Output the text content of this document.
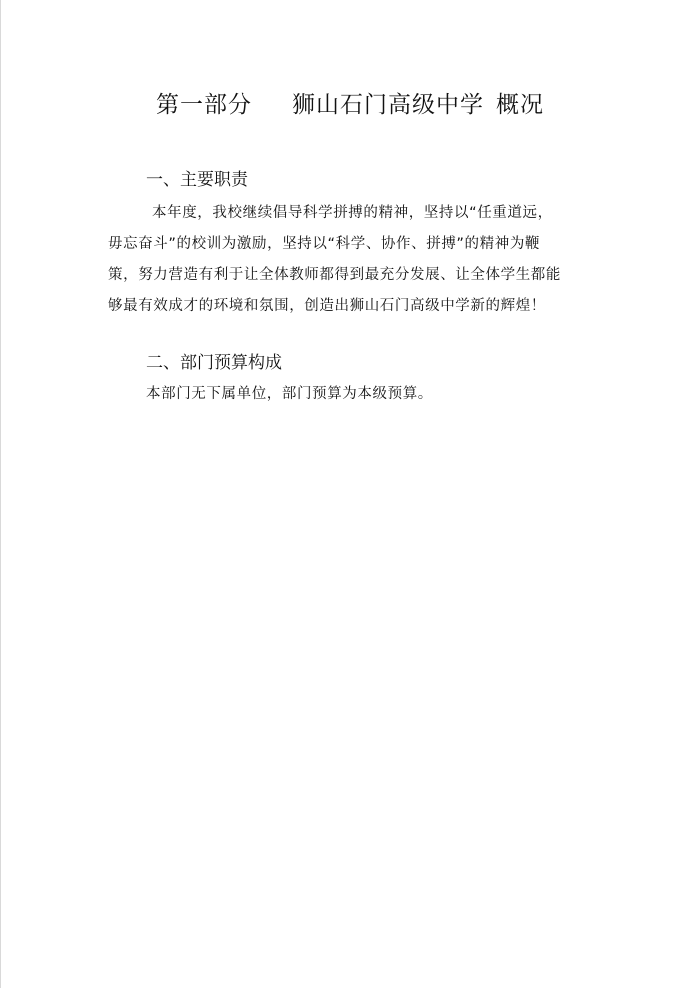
第一部分 狮山石门高级中学 概况
一、主要职责
本年度，我校继续倡导科学拼搏的精神，坚持以“任重道远，
毋忘奋斗”的校训为激励，坚持以“科学、协作、拼搏”的精神为鞭
策，努力营造有利于让全体教师都得到最充分发展、让全体学生都能
够最有效成才的环境和氛围，创造出狮山石门高级中学新的辉煌！
二、部门预算构成
本部门无下属单位，部门预算为本级预算。
